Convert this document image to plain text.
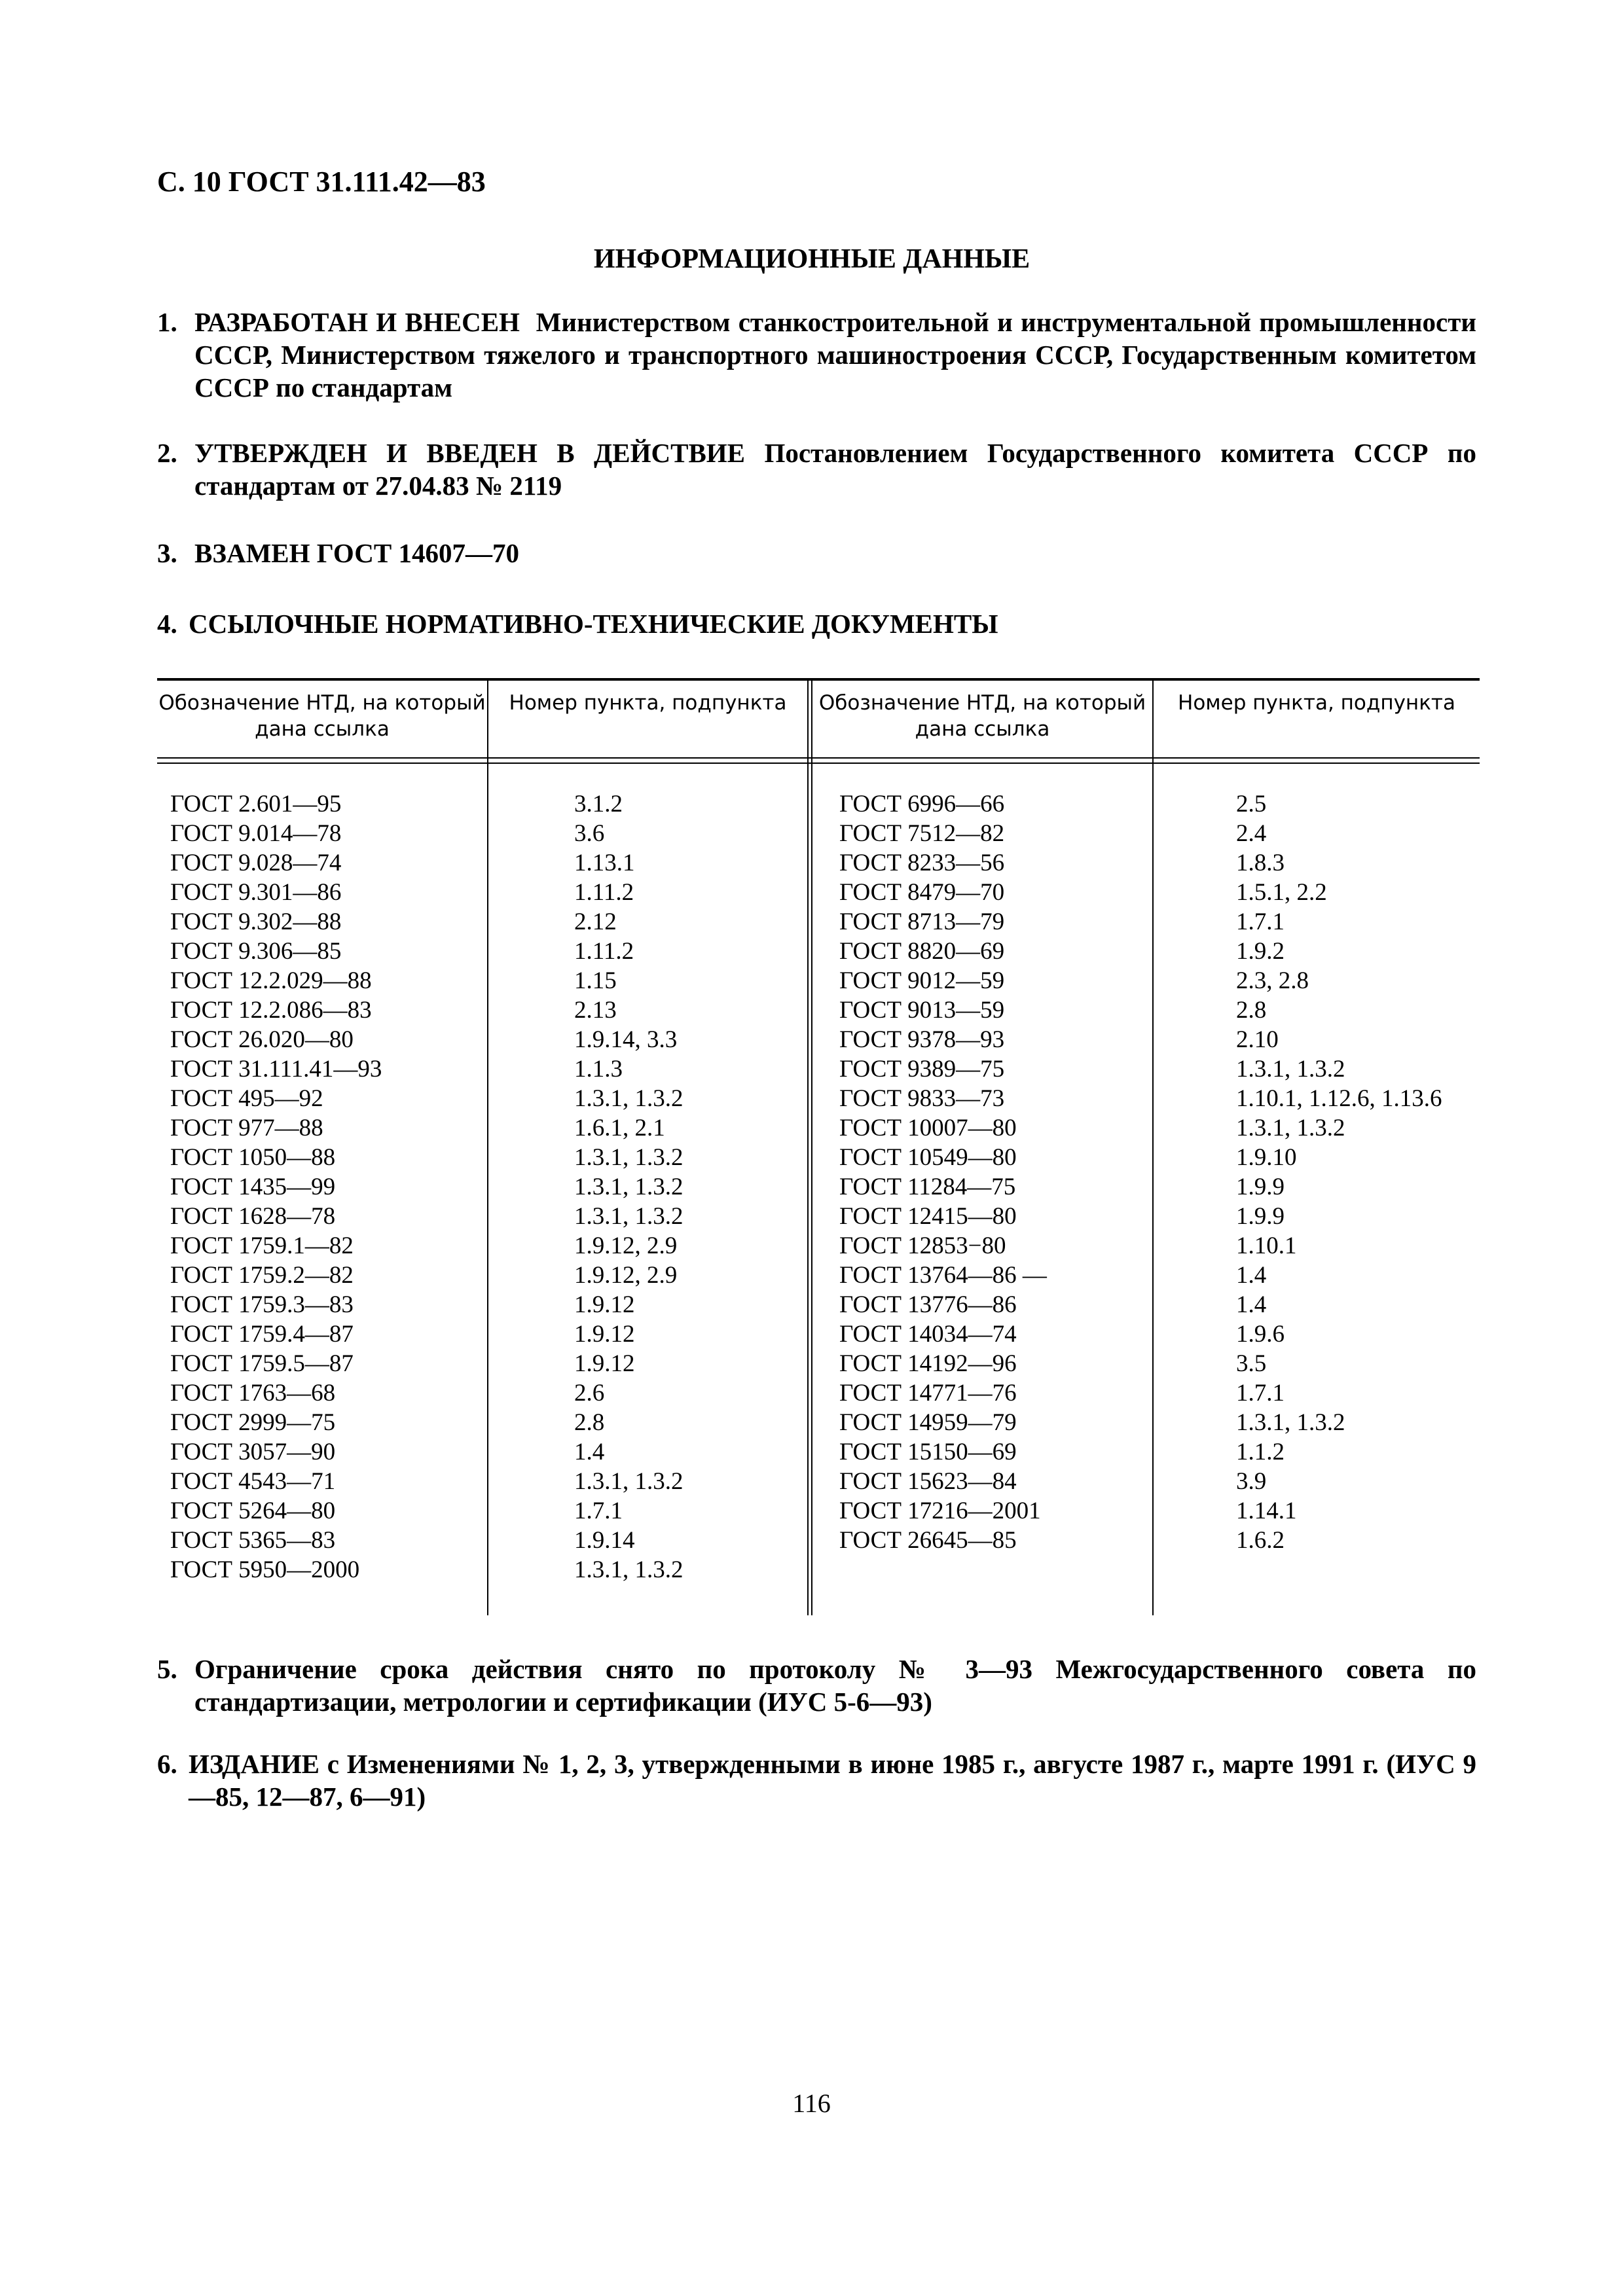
С. 10 ГОСТ 31.111.42—83
ИНФОРМАЦИОННЫЕ ДАННЫЕ
1. РАЗРАБОТАН И ВНЕСЕН Министерством станкостроительной и инструментальной промышленности СССР, Министерством тяжелого и транспортного машиностроения СССР, Государственным комитетом СССР по стандартам
2. УТВЕРЖДЕН И ВВЕДЕН В ДЕЙСТВИЕ Постановлением Государственного комитета СССР по стандартам от 27.04.83 № 2119
3. ВЗАМЕН ГОСТ 14607—70
4. ССЫЛОЧНЫЕ НОРМАТИВНО-ТЕХНИЧЕСКИЕ ДОКУМЕНТЫ
Обозначение НТД, на который дана ссылка
Номер пункта, подпункта	Обозначение НТД, на который дана ссылка
Номер пункта, подпункта
ГОСТ 2.601—95
ГОСТ 9.014—78
ГОСТ 9.028—74
ГОСТ 9.301—86
ГОСТ 9.302—88
ГОСТ 9.306—85
ГОСТ 12.2.029—88
ГОСТ 12.2.086—83
ГОСТ 26.020—80
ГОСТ 31.111.41—93
ГОСТ 495—92
ГОСТ 977—88
ГОСТ 1050—88
ГОСТ 1435—99
ГОСТ 1628—78
ГОСТ 1759.1—82
ГОСТ 1759.2—82
ГОСТ 1759.3—83
ГОСТ 1759.4—87
ГОСТ 1759.5—87
ГОСТ 1763—68
ГОСТ 2999—75
ГОСТ 3057—90
ГОСТ 4543—71
ГОСТ 5264—80
ГОСТ 5365—83
ГОСТ 5950—2000
3.1.2
3.6
1.13.1
1.11.2
2.12
1.11.2
1.15
2.13
1.9.14, 3.3
1.1.3
1.3.1, 1.3.2
1.6.1, 2.1
1.3.1, 1.3.2
1.3.1, 1.3.2
1.3.1, 1.3.2
1.9.12, 2.9
1.9.12, 2.9
1.9.12
1.9.12
1.9.12
2.6
2.8
1.4
1.3.1, 1.3.2
1.7.1
1.9.14
1.3.1, 1.3.2
ГОСТ 6996—66
ГОСТ 7512—82
ГОСТ 8233—56
ГОСТ 8479—70
ГОСТ 8713—79
ГОСТ 8820—69
ГОСТ 9012—59
ГОСТ 9013—59
ГОСТ 9378—93
ГОСТ 9389—75
ГОСТ 9833—73
ГОСТ 10007—80
ГОСТ 10549—80
ГОСТ 11284—75
ГОСТ 12415—80
ГОСТ 12853−80
ГОСТ 13764—86 —
ГОСТ 13776—86
ГОСТ 14034—74
ГОСТ 14192—96
ГОСТ 14771—76
ГОСТ 14959—79
ГОСТ 15150—69
ГОСТ 15623—84
ГОСТ 17216—2001
ГОСТ 26645—85
2.5
2.4
1.8.3
1.5.1, 2.2
1.7.1
1.9.2
2.3, 2.8
2.8
2.10
1.3.1, 1.3.2
1.10.1, 1.12.6, 1.13.6
1.3.1, 1.3.2
1.9.10
1.9.9
1.9.9
1.10.1
1.4
1.4
1.9.6
3.5
1.7.1
1.3.1, 1.3.2
1.1.2
3.9
1.14.1
1.6.2
5. Ограничение срока действия снято по протоколу № 3—93 Межгосударственного совета по стандартизации, метрологии и сертификации (ИУС 5-6—93)
6. ИЗДАНИЕ с Изменениями № 1, 2, 3, утвержденными в июне 1985 г., августе 1987 г., марте 1991 г. (ИУС 9—85, 12—87, 6—91)
116
